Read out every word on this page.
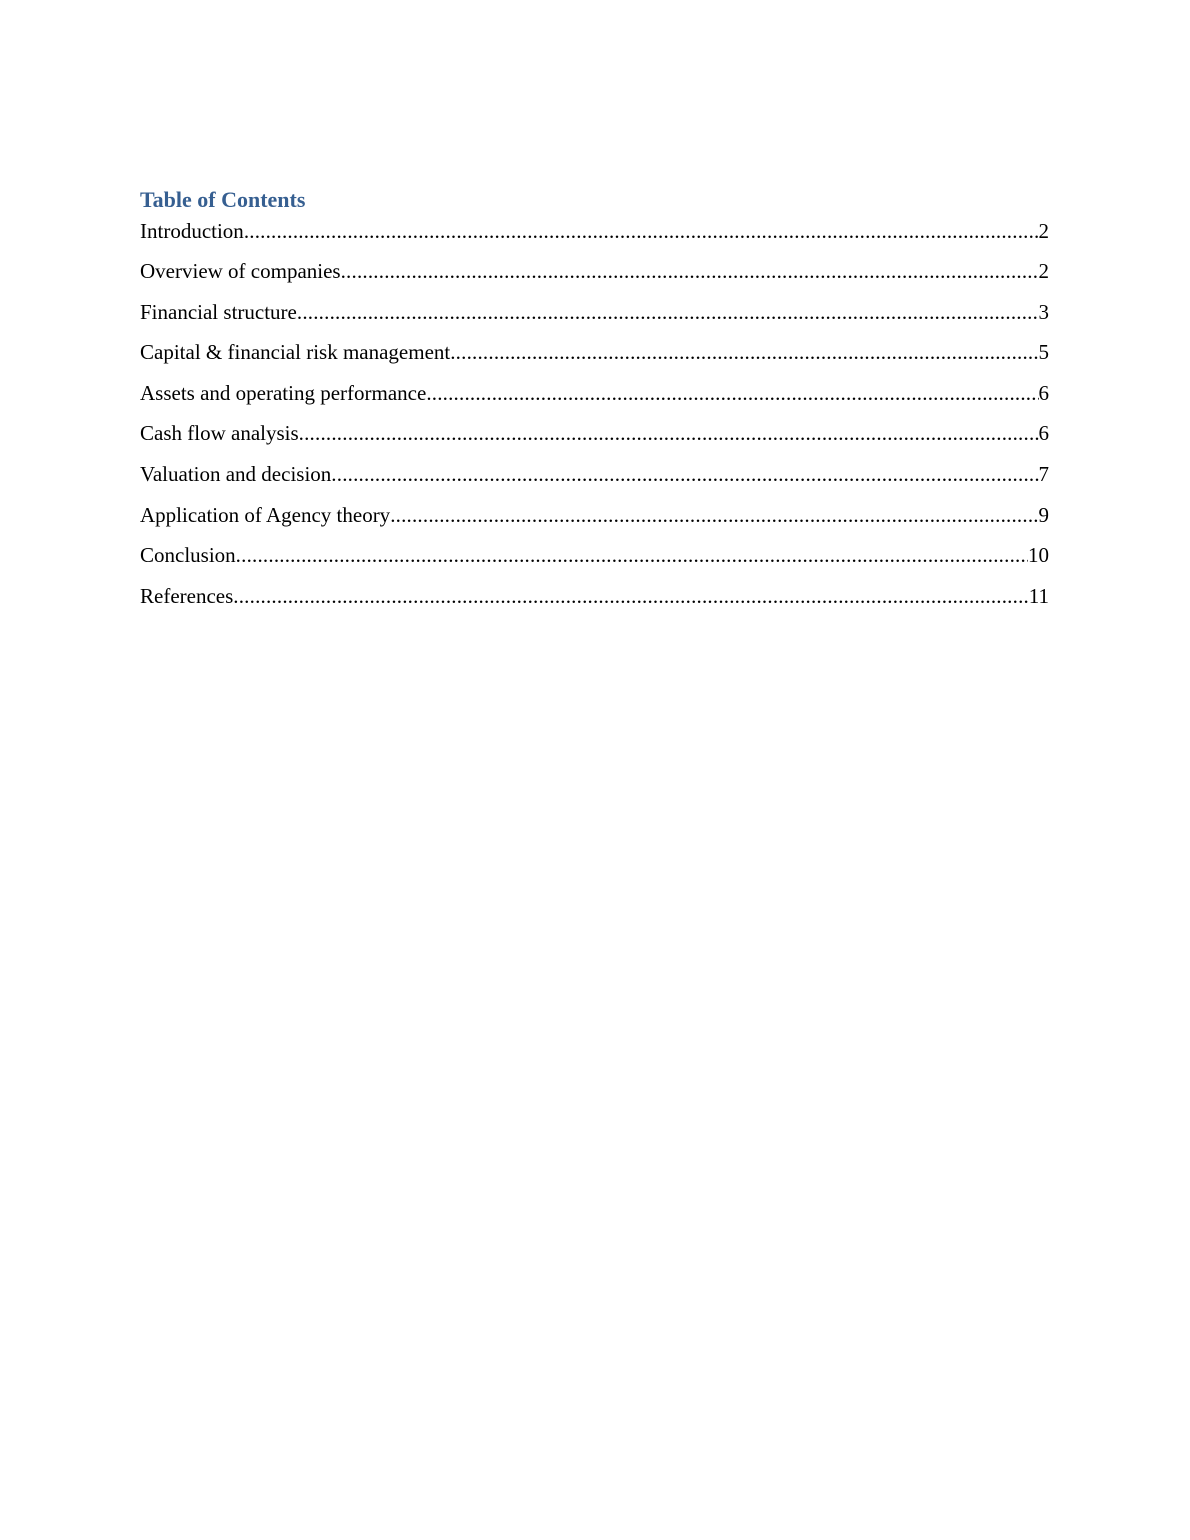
Table of Contents
Introduction .....	2
Overview of companies .....	2
Financial structure .....	3
Capital & financial risk management .....	5
Assets and operating performance .....	6
Cash flow analysis .....	6
Valuation and decision .....	7
Application of Agency theory .....	9
Conclusion .....	10
References .....	11
